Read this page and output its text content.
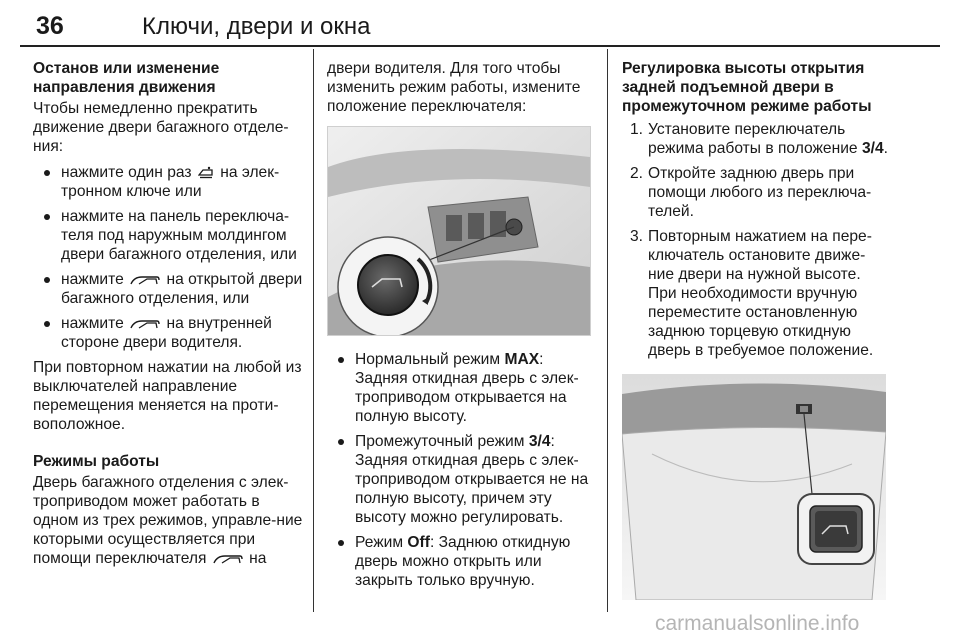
36	Ключи, двери и окна
Останов или изменение направления движения
Чтобы немедленно прекратить движение двери багажного отделе-ния:
нажмите один раз на элек-тронном ключе или
нажмите на панель переключа-теля под наружным молдингом двери багажного отделения, или
нажмите	на открытой двери багажного отделения, или
нажмите	на внутренней стороне двери водителя.
При повторном нажатии на любой из выключателей направление перемещения меняется на проти-воположное.
Режимы работы
Дверь багажного отделения с элек-троприводом может работать в одном из трех режимов, управле-ние которыми осуществляется при помощи переключателя	на
двери водителя. Для того чтобы изменить режим работы, измените положение переключателя:
Нормальный режим MAX: Задняя откидная дверь с элек-троприводом открывается на полную высоту.
Промежуточный режим 3/4: Задняя откидная дверь с элек-троприводом открывается не на полную высоту, причем эту высоту можно регулировать.
Режим Off: Заднюю откидную дверь можно открыть или закрыть только вручную.
Регулировка высоты открытия задней подъемной двери в промежуточном режиме работы
1. Установите переключатель режима работы в положение 3/4.
2. Откройте заднюю дверь при помощи любого из переключа-телей.
3. Повторным нажатием на пере-ключатель остановите движе-ние двери на нужной высоте. При необходимости вручную переместите остановленную заднюю торцевую откидную дверь в требуемое положение.
carmanualsonline.info
